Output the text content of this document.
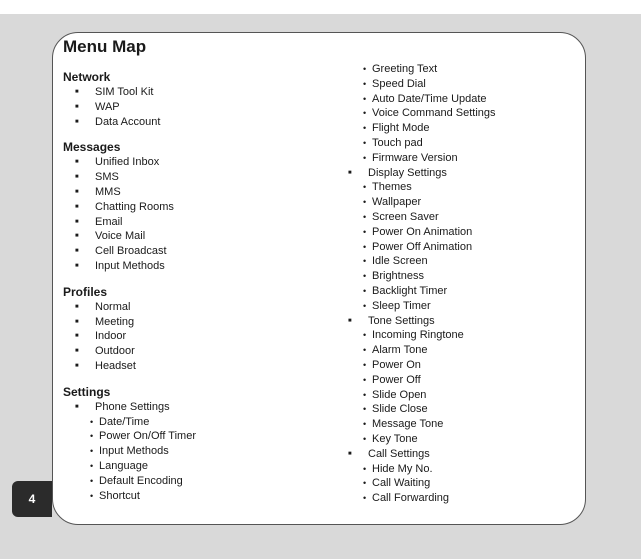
4
Menu Map
Network
■ SIM Tool Kit
■ WAP
■ Data Account
Messages
■ Unified Inbox
■ SMS
■ MMS
■ Chatting Rooms
■ Email
■ Voice Mail
■ Cell Broadcast
■ Input Methods
Profiles
■ Normal
■ Meeting
■ Indoor
■ Outdoor
■ Headset
Settings
■ Phone Settings
• Date/Time
• Power On/Off Timer
• Input Methods
• Language
• Default Encoding
• Shortcut
• Greeting Text
• Speed Dial
• Auto Date/Time Update
• Voice Command Settings
• Flight Mode
• Touch pad
• Firmware Version
■ Display Settings
• Themes
• Wallpaper
• Screen Saver
• Power On Animation
• Power Off Animation
• Idle Screen
• Brightness
• Backlight Timer
• Sleep Timer
■ Tone Settings
• Incoming Ringtone
• Alarm Tone
• Power On
• Power Off
• Slide Open
• Slide Close
• Message Tone
• Key Tone
■ Call Settings
• Hide My No.
• Call Waiting
• Call Forwarding
